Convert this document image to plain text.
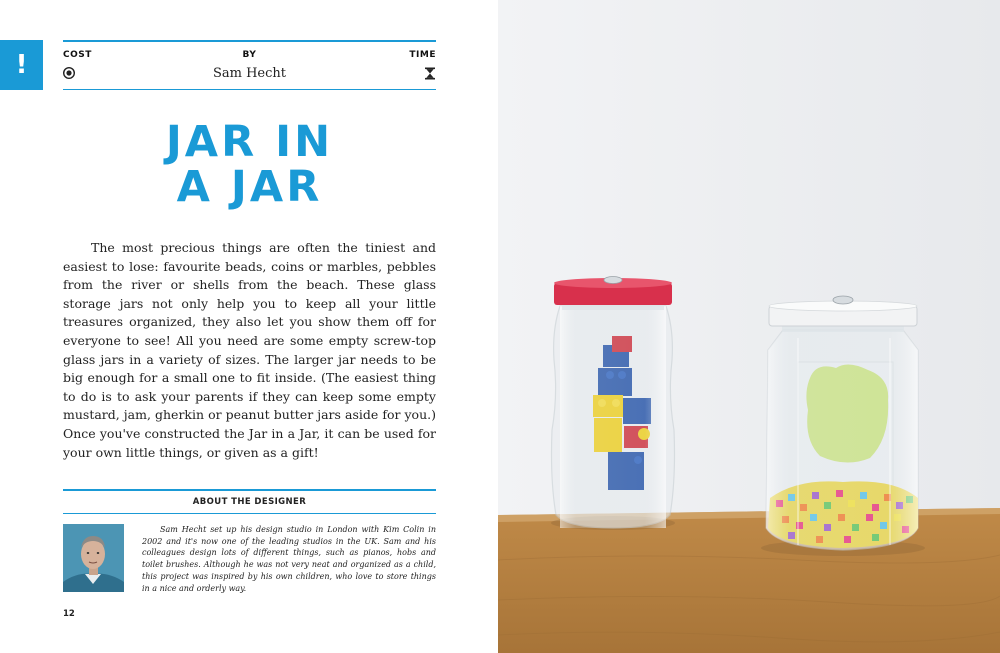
!	COST	BY	TIME
Sam Hecht
JAR IN
A JAR

The most precious things are often the tiniest and easiest to lose: favourite beads, coins or marbles, pebbles from the river or shells from the beach. These glass storage jars not only help you to keep all your little treasures organized, they also let you show them off for everyone to see! All you need are some empty screw-top glass jars in a variety of sizes. The larger jar needs to be big enough for a small one to fit inside. (The easiest thing to do is to ask your parents if they can keep some empty mustard, jam, gherkin or peanut butter jars aside for you.) Once you've constructed the Jar in a Jar, it can be used for your own little things, or given as a gift!

ABOUT THE DESIGNER

Sam Hecht set up his design studio in London with Kim Colin in 2002 and it's now one of the leading studios in the UK. Sam and his colleagues design lots of different things, such as pianos, hobs and toilet brushes. Although he was not very neat and organized as a child, this project was inspired by his own children, who love to store things in a nice and orderly way.

12
